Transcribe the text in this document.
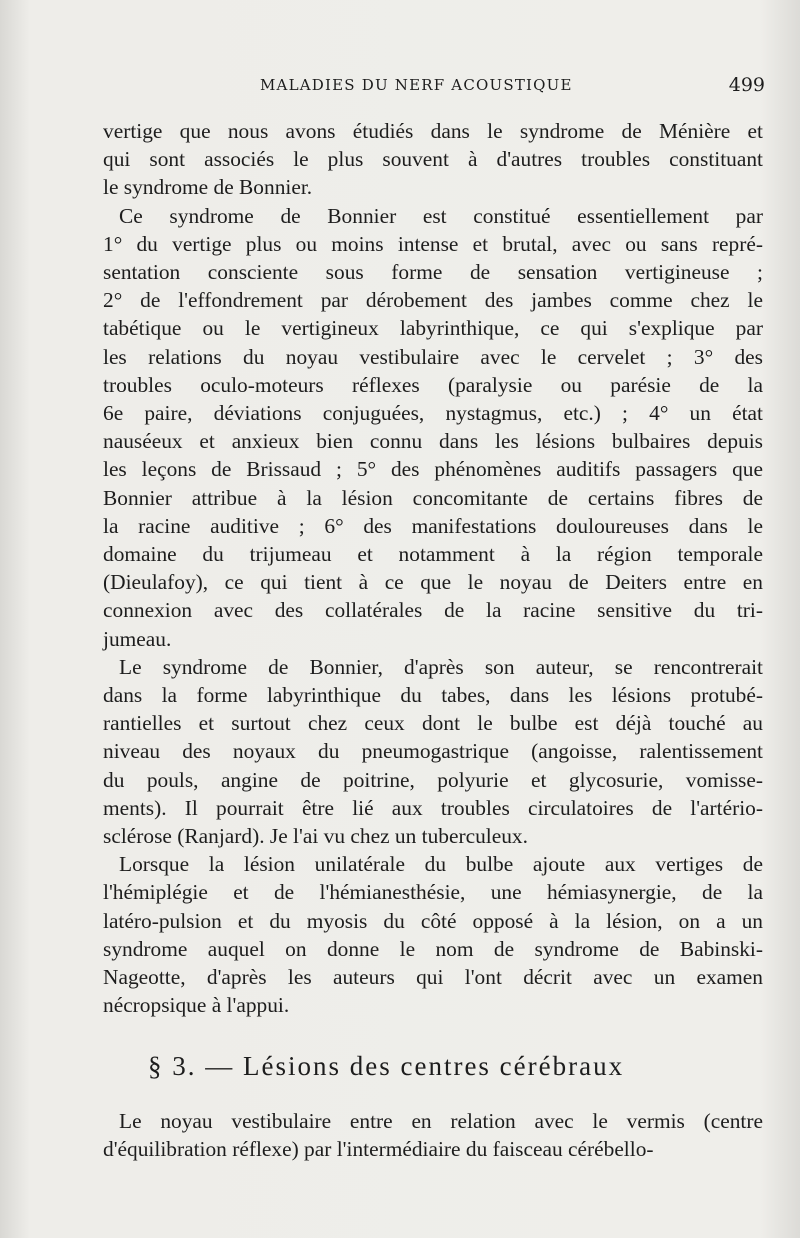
MALADIES DU NERF ACOUSTIQUE	499
vertige que nous avons étudiés dans le syndrome de Ménière et
qui sont associés le plus souvent à d'autres troubles constituant
le syndrome de Bonnier.
Ce syndrome de Bonnier est constitué essentiellement par
1° du vertige plus ou moins intense et brutal, avec ou sans repré-
sentation consciente sous forme de sensation vertigineuse ;
2° de l'effondrement par dérobement des jambes comme chez le
tabétique ou le vertigineux labyrinthique, ce qui s'explique par
les relations du noyau vestibulaire avec le cervelet ; 3° des
troubles oculo-moteurs réflexes (paralysie ou parésie de la
6e paire, déviations conjuguées, nystagmus, etc.) ; 4° un état
nauséeux et anxieux bien connu dans les lésions bulbaires depuis
les leçons de Brissaud ; 5° des phénomènes auditifs passagers que
Bonnier attribue à la lésion concomitante de certains fibres de
la racine auditive ; 6° des manifestations douloureuses dans le
domaine du trijumeau et notamment à la région temporale
(Dieulafoy), ce qui tient à ce que le noyau de Deiters entre en
connexion avec des collatérales de la racine sensitive du tri-
jumeau.
Le syndrome de Bonnier, d'après son auteur, se rencontrerait
dans la forme labyrinthique du tabes, dans les lésions protubé-
rantielles et surtout chez ceux dont le bulbe est déjà touché au
niveau des noyaux du pneumogastrique (angoisse, ralentissement
du pouls, angine de poitrine, polyurie et glycosurie, vomisse-
ments). Il pourrait être lié aux troubles circulatoires de l'artério-
sclérose (Ranjard). Je l'ai vu chez un tuberculeux.
Lorsque la lésion unilatérale du bulbe ajoute aux vertiges de
l'hémiplégie et de l'hémianesthésie, une hémiasynergie, de la
latéro-pulsion et du myosis du côté opposé à la lésion, on a un
syndrome auquel on donne le nom de syndrome de Babinski-
Nageotte, d'après les auteurs qui l'ont décrit avec un examen
nécropsique à l'appui.
§ 3. — Lésions des centres cérébraux
Le noyau vestibulaire entre en relation avec le vermis (centre
d'équilibration réflexe) par l'intermédiaire du faisceau cérébello-
